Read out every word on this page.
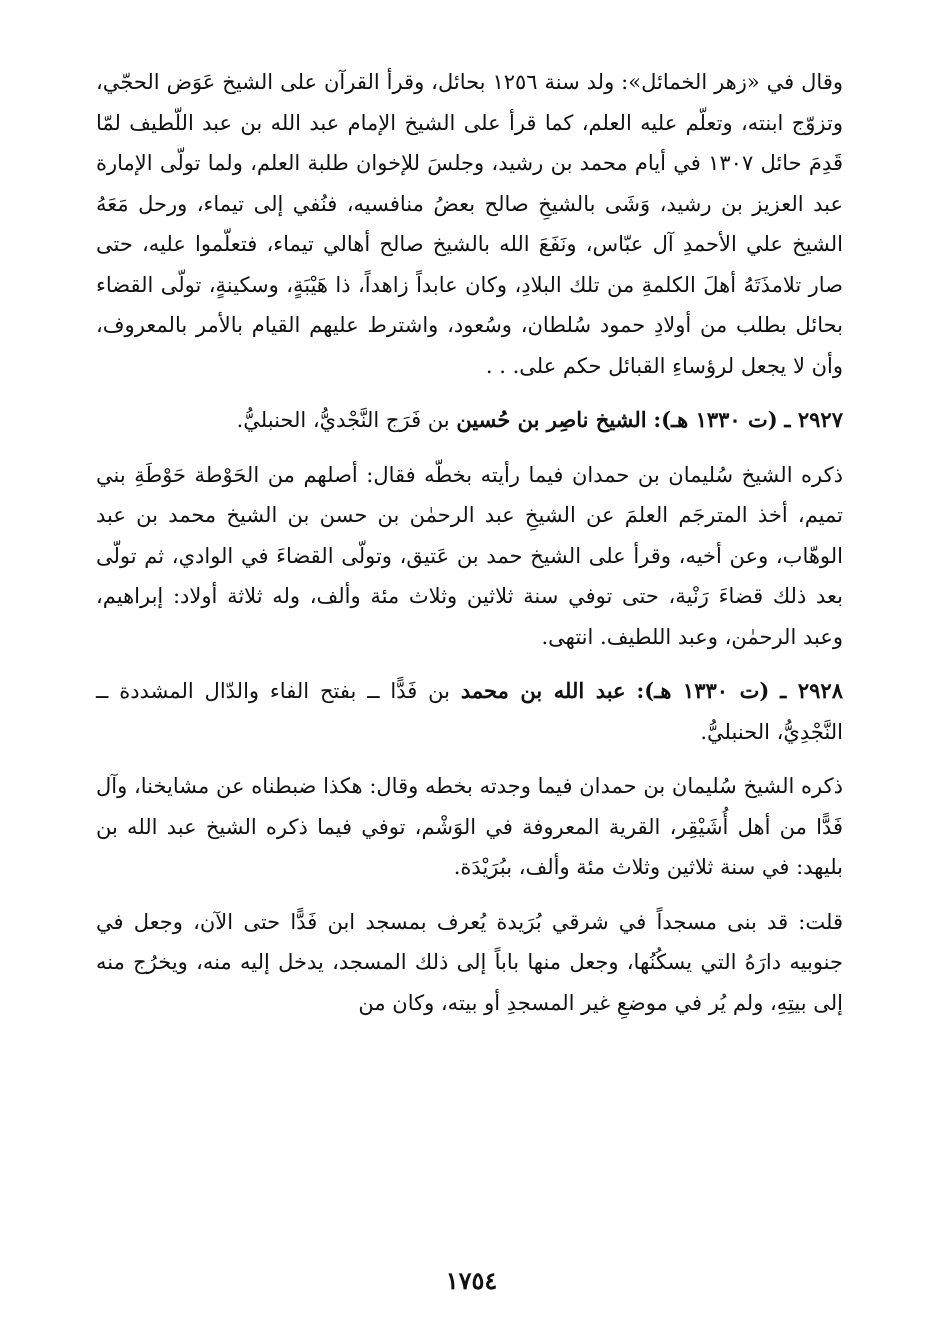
وقال في «زهر الخمائل»: ولد سنة ١٢٥٦ بحائل، وقرأ القرآن على الشيخ عَوَض الحجّي، وتزوّج ابنته، وتعلّم عليه العلم، كما قرأ على الشيخ الإمام عبد الله بن عبد اللّطيف لمّا قَدِمَ حائل ١٣٠٧ في أيام محمد بن رشيد، وجلسَ للإخوان طلبة العلم، ولما تولّى الإمارة عبد العزيز بن رشيد، وَشَى بالشيخِ صالح بعضُ منافسيه، فنُفي إلى تيماء، ورحل مَعَهُ الشيخ علي الأحمدِ آل عبّاس، ونَفَعَ الله بالشيخ صالح أهالي تيماء، فتعلّموا عليه، حتى صار تلامذَتَهُ أهلَ الكلمةِ من تلك البلادِ، وكان عابداً زاهداً، ذا هَيْبَةٍ، وسكينةٍ، تولّى القضاء بحائل بطلب من أولادِ حمود سُلطان، وسُعود، واشترط عليهم القيام بالأمر بالمعروف، وأن لا يجعل لرؤساءِ القبائل حكم على. . .

٢٩٢٧ ـ (ت ١٣٣٠ هـ): الشيخ ناصِر بن حُسين بن فَرَج النَّجْديُّ، الحنبليُّ.

ذكره الشيخ سُليمان بن حمدان فيما رأيته بخطّه فقال: أصلهم من الحَوْطة حَوْطَةِ بني تميم، أخذ المترجَم العلمَ عن الشيخِ عبد الرحمٰن بن حسن بن الشيخ محمد بن عبد الوهّاب، وعن أخيه، وقرأ على الشيخ حمد بن عَتيق، وتولّى القضاءَ في الوادي، ثم تولّى بعد ذلك قضاءَ رَنْية، حتى توفي سنة ثلاثين وثلاث مئة وألف، وله ثلاثة أولاد: إبراهيم، وعبد الرحمٰن، وعبد اللطيف. انتهى.

٢٩٢٨ ـ (ت ١٣٣٠ هـ): عبد الله بن محمد بن فَدًّا ــ بفتح الفاء والدّال المشددة ــ النَّجْدِيُّ، الحنبليُّ.

ذكره الشيخ سُليمان بن حمدان فيما وجدته بخطه وقال: هكذا ضبطناه عن مشايخنا، وآل فَدًّا من أهل أُشَيْقِر، القرية المعروفة في الوَشْم، توفي فيما ذكره الشيخ عبد الله بن بليهد: في سنة ثلاثين وثلاث مئة وألف، ببُرَيْدَة.

قلت: قد بنى مسجداً في شرقي بُرَيدة يُعرف بمسجد ابن فَدًّا حتى الآن، وجعل في جنوبيه دارَهُ التي يسكُنُها، وجعل منها باباً إلى ذلك المسجد، يدخل إليه منه، ويخرُج منه إلى بيتِهِ، ولم يُر في موضعِ غير المسجدِ أو بيته، وكان من

١٧٥٤
